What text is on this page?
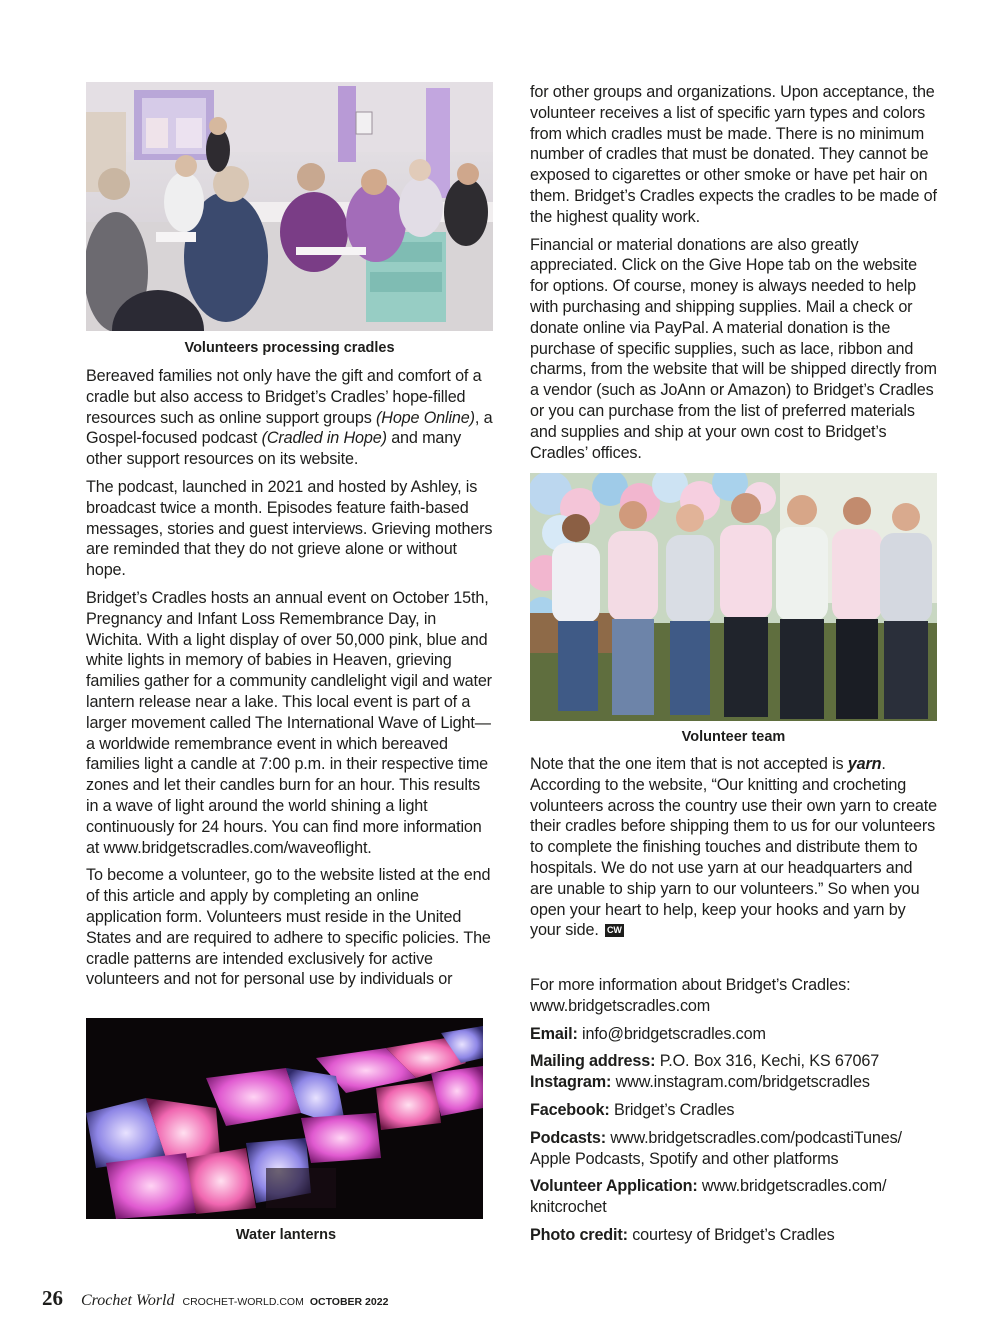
Volunteers processing cradles

Bereaved families not only have the gift and comfort of a cradle but also access to Bridget’s Cradles’ hope-filled resources such as online support groups (Hope Online), a Gospel-focused podcast (Cradled in Hope) and many other support resources on its website.

The podcast, launched in 2021 and hosted by Ashley, is broadcast twice a month. Episodes feature faith-based messages, stories and guest interviews. Grieving mothers are reminded that they do not grieve alone or without hope.

Bridget’s Cradles hosts an annual event on October 15th, Pregnancy and Infant Loss Remembrance Day, in Wichita. With a light display of over 50,000 pink, blue and white lights in memory of babies in Heaven, grieving families gather for a community candlelight vigil and water lantern release near a lake. This local event is part of a larger movement called The International Wave of Light—a worldwide remembrance event in which bereaved families light a candle at 7:00 p.m. in their respective time zones and let their candles burn for an hour. This results in a wave of light around the world shining a light continuously for 24 hours. You can find more information at www.bridgetscradles.com/waveoflight.

To become a volunteer, go to the website listed at the end of this article and apply by completing an online application form. Volunteers must reside in the United States and are required to adhere to specific policies. The cradle patterns are intended exclusively for active volunteers and not for personal use by individuals or

Water lanterns

for other groups and organizations. Upon acceptance, the volunteer receives a list of specific yarn types and colors from which cradles must be made. There is no minimum number of cradles that must be donated. They cannot be exposed to cigarettes or other smoke or have pet hair on them. Bridget’s Cradles expects the cradles to be made of the highest quality work.

Financial or material donations are also greatly appreciated. Click on the Give Hope tab on the website for options. Of course, money is always needed to help with purchasing and shipping supplies. Mail a check or donate online via PayPal. A material donation is the purchase of specific supplies, such as lace, ribbon and charms, from the website that will be shipped directly from a vendor (such as JoAnn or Amazon) to Bridget’s Cradles or you can purchase from the list of preferred materials and supplies and ship at your own cost to Bridget’s Cradles’ offices.

Volunteer team

Note that the one item that is not accepted is yarn. According to the website, “Our knitting and crocheting volunteers across the country use their own yarn to create their cradles before shipping them to us for our volunteers to complete the finishing touches and distribute them to hospitals. We do not use yarn at our headquarters and are unable to ship yarn to our volunteers.” So when you open your heart to help, keep your hooks and yarn by your side. CW

For more information about Bridget’s Cradles: www.bridgetscradles.com

Email: info@bridgetscradles.com

Mailing address: P.O. Box 316, Kechi, KS 67067
Instagram: www.instagram.com/bridgetscradles

Facebook: Bridget’s Cradles

Podcasts: www.bridgetscradles.com/podcastiTunes/ Apple Podcasts, Spotify and other platforms

Volunteer Application: www.bridgetscradles.com/ knitcrochet

Photo credit: courtesy of Bridget’s Cradles

26 Crochet World CROCHET-WORLD.COM OCTOBER 2022
